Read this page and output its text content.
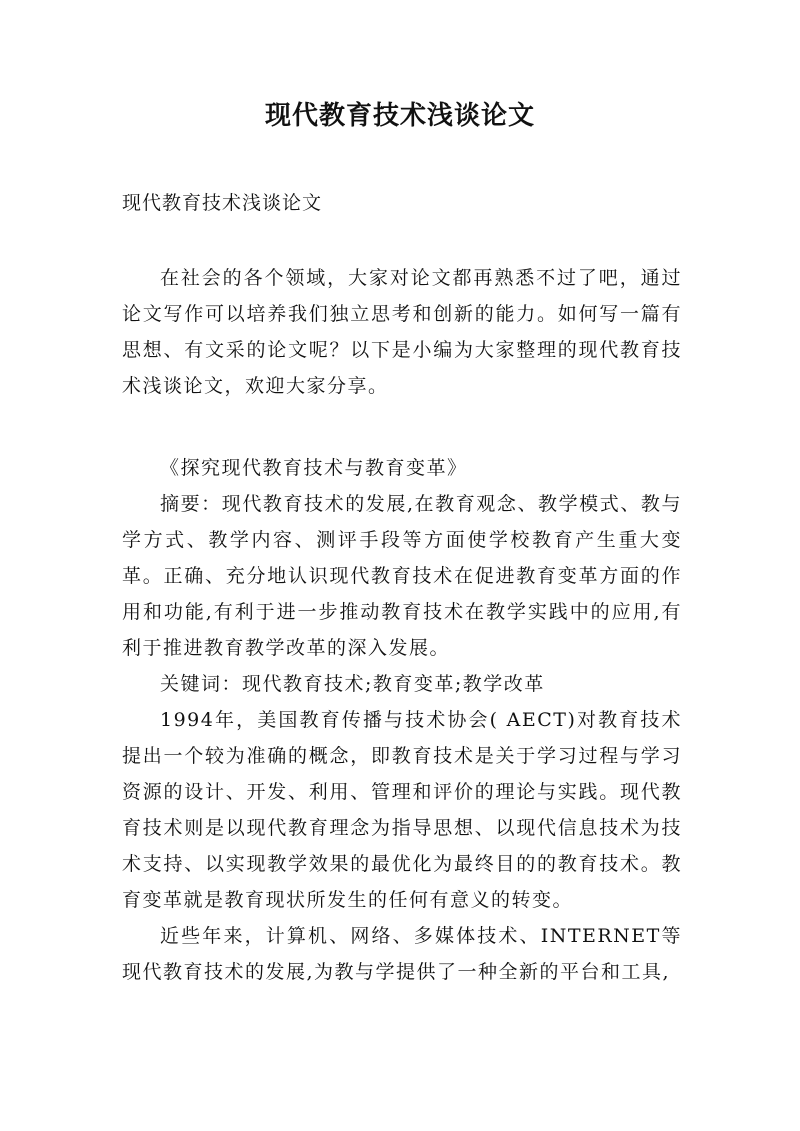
现代教育技术浅谈论文

现代教育技术浅谈论文

在社会的各个领域，大家对论文都再熟悉不过了吧，通过论文写作可以培养我们独立思考和创新的能力。如何写一篇有思想、有文采的论文呢？以下是小编为大家整理的现代教育技术浅谈论文，欢迎大家分享。

《探究现代教育技术与教育变革》

摘要：现代教育技术的发展,在教育观念、教学模式、教与学方式、教学内容、测评手段等方面使学校教育产生重大变革。正确、充分地认识现代教育技术在促进教育变革方面的作用和功能,有利于进一步推动教育技术在教学实践中的应用,有利于推进教育教学改革的深入发展。

关键词：现代教育技术;教育变革;教学改革

1994年，美国教育传播与技术协会( AECT)对教育技术提出一个较为准确的概念，即教育技术是关于学习过程与学习资源的设计、开发、利用、管理和评价的理论与实践。现代教育技术则是以现代教育理念为指导思想、以现代信息技术为技术支持、以实现教学效果的最优化为最终目的的教育技术。教育变革就是教育现状所发生的任何有意义的转变。

近些年来，计算机、网络、多媒体技术、INTERNET等现代教育技术的发展,为教与学提供了一种全新的平台和工具,
